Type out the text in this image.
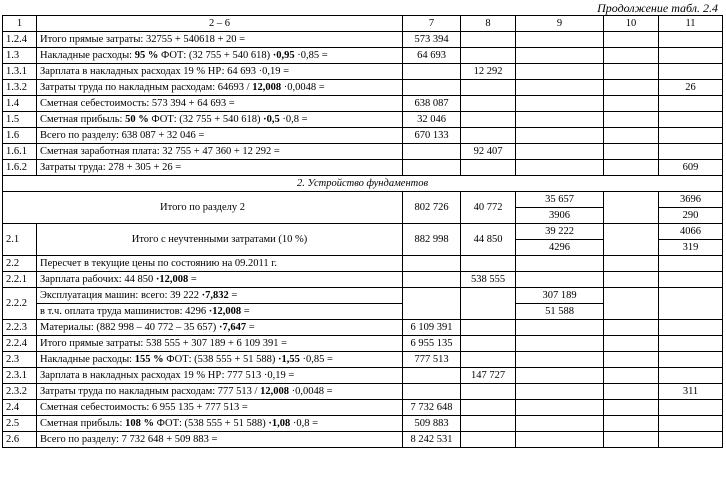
Продолжение табл. 2.4
1	2 – 6	7	8	9	10	11
1.2.4	Итого прямые затраты: 32755 + 540618 + 20 =	573 394				
1.3	Накладные расходы: 95 % ФОТ: (32 755 + 540 618) ·0,95 ·0,85 =	64 693				
1.3.1	Зарплата в накладных расходах 19 % НР: 64 693 ·0,19 =		12 292			
1.3.2	Затраты труда по накладным расходам: 64693 / 12,008 ·0,0048 =					26
1.4	Сметная себестоимость: 573 394 + 64 693 =	638 087				
1.5	Сметная прибыль: 50 % ФОТ: (32 755 + 540 618) ·0,5 ·0,8 =	32 046				
1.6	Всего по разделу: 638 087 + 32 046 =	670 133				
1.6.1	Сметная заработная плата: 32 755 + 47 360 + 12 292 =		92 407			
1.6.2	Затраты труда: 278 + 305 + 26 =					609
2. Устройство фундаментов						
Итого по разделу 2		802 726	40 772	35 657		3696
				3906		290
2.1	Итого с неучтенными затратами (10 %)	882 998	44 850	39 222		4066
				4296		319
2.2	Пересчет в текущие цены по состоянию на 09.2011 г.					
2.2.1	Зарплата рабочих: 44 850 ·12,008 =		538 555			
2.2.2	Эксплуатация машин: всего: 39 222 ·7,832 =			307 189		
	в т.ч. оплата труда машинистов: 4296 ·12,008 =			51 588		
2.2.3	Материалы: (882 998 – 40 772 – 35 657) ·7,647 =	6 109 391				
2.2.4	Итого прямые затраты: 538 555 + 307 189 + 6 109 391 =	6 955 135				
2.3	Накладные расходы: 155 % ФОТ: (538 555 + 51 588) ·1,55 ·0,85 =	777 513				
2.3.1	Зарплата в накладных расходах 19 % НР: 777 513 ·0,19 =		147 727			
2.3.2	Затраты труда по накладным расходам: 777 513 / 12,008 ·0,0048 =					311
2.4	Сметная себестоимость: 6 955 135 + 777 513 =	7 732 648				
2.5	Сметная прибыль: 108 % ФОТ: (538 555 + 51 588) ·1,08 ·0,8 =	509 883				
2.6	Всего по разделу: 7 732 648 + 509 883 =	8 242 531				
